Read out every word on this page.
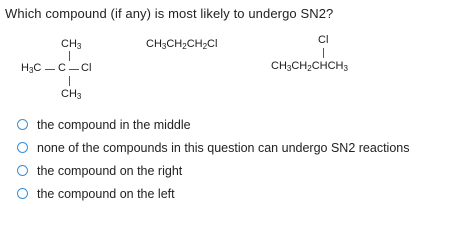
Which compound (if any) is most likely to undergo SN2?
$CH_3$
$H_3C$ C Cl
$CH_3$
$CH_3CH_2CH_2Cl$	Cl
$CH_3CH_2CHCH_3$
the compound in the middle
none of the compounds in this question can undergo SN2 reactions
the compound on the right
the compound on the left
